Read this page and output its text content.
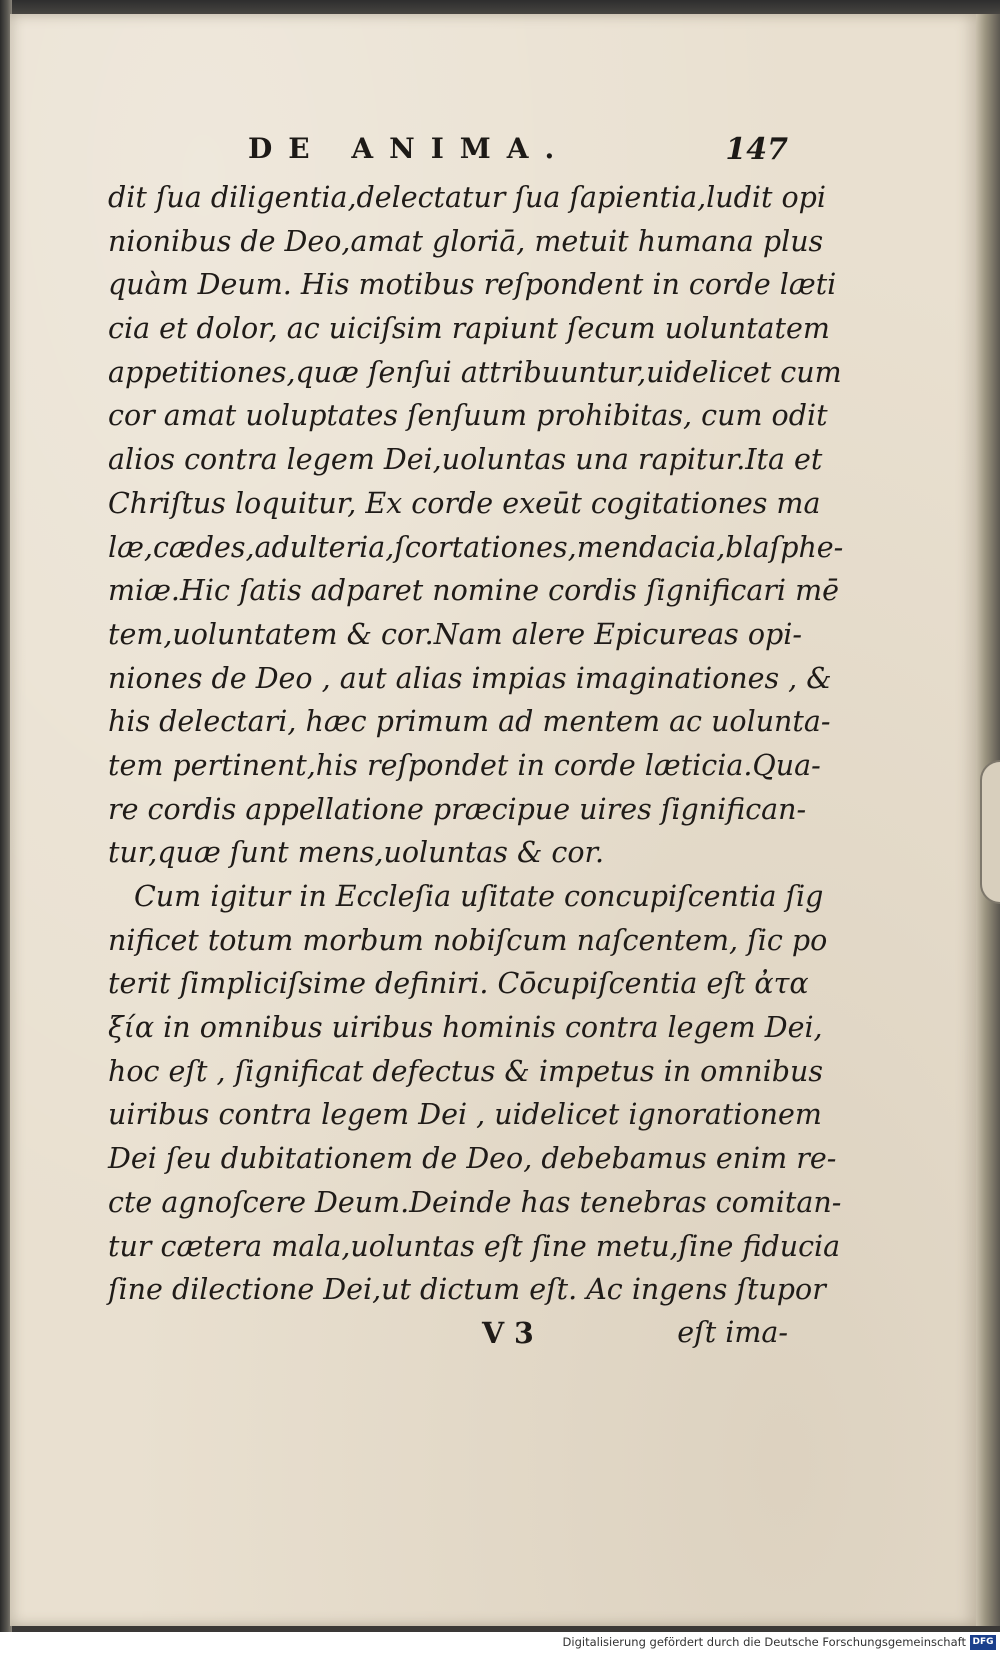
DE ANIMA.	147
dit ſua diligentia,delectatur ſua ſapientia,ludit opi
nionibus de Deo,amat gloriā, metuit humana plus
quàm Deum. His motibus reſpondent in corde læti
cia et dolor, ac uiciſsim rapiunt ſecum uoluntatem
appetitiones,quæ ſenſui attribuuntur,uidelicet cum
cor amat uoluptates ſenſuum prohibitas, cum odit
alios contra legem Dei,uoluntas una rapitur.Ita et
Chriſtus loquitur, Ex corde exeūt cogitationes ma
læ,cædes,adulteria,ſcortationes,mendacia,blaſphe-
miæ.Hic ſatis adparet nomine cordis ſignificari mē
tem,uoluntatem & cor.Nam alere Epicureas opi-
niones de Deo , aut alias impias imaginationes , &
his delectari, hæc primum ad mentem ac uolunta-
tem pertinent,his reſpondet in corde læticia.Qua-
re cordis appellatione præcipue uires ſignifican-
tur,quæ ſunt mens,uoluntas & cor.
Cum igitur in Eccleſia uſitate concupiſcentia ſig
nificet totum morbum nobiſcum naſcentem, ſic po
terit ſimpliciſsime definiri. Cōcupiſcentia eſt ἀτα
ξία in omnibus uiribus hominis contra legem Dei,
hoc eſt , ſignificat defectus & impetus in omnibus
uiribus contra legem Dei , uidelicet ignorationem
Dei ſeu dubitationem de Deo, debebamus enim re-
cte agnoſcere Deum.Deinde has tenebras comitan-
tur cætera mala,uoluntas eſt ſine metu,ſine fiducia
ſine dilectione Dei,ut dictum eſt. Ac ingens ſtupor
V 3	eſt ima-
Digitalisierung gefördert durch die Deutsche Forschungsgemeinschaft DFG
